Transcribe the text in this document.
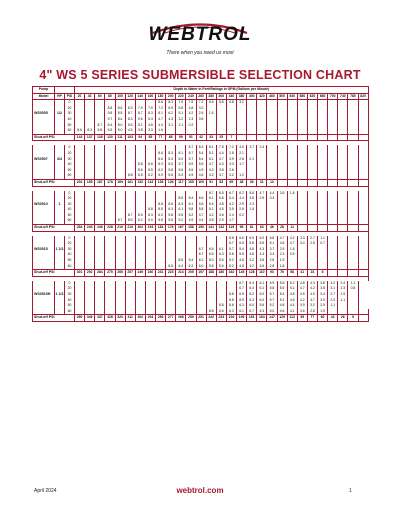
WEBTROL
There when you need us most
4" WS 5 SERIES SUBMERSIBLE SELECTION CHART
Pump			Depth to Water in Feet/Ratings in GPM (Gallons per Minute)																												
Model	HP	PSI	20	40	60	80	100	120	140	160	180	200	220	240	260	280	300	340	380	400	420	460	500	540	580	620	660	700	740	780	820
		0									8.6	8.3	7.9	7.5	7.2	6.5	5.8	4.8	3.2												
		20				8.8	8.6	8.3	7.9	7.5	7.2	6.5	5.8	4.8	3.2																
WS0505	1/2	30				9.8	8.5	8.7	8.7	8.3	8.1	6.2	5.1	4.2	2.5	1.5															
		40				9.7	8.4	8.3	5.5	5.3	4.7	4.3	3.2	2.3	0.8																
		50			8.7	8.4	8.0	5.5	5.1	4.8	4.0	3.1	2.1	0.2																	
		60	8.6	8.3	5.8	5.5	5.0	4.5	3.8	3.3	1.6																				
Shut-off PSI			143	137	128	120	111	103	94	85	77	68	59	51	42	33	25	7													

		0												8.7	8.3	8.1	7.8	7.2	4.5	3.7	2.4										
		20									8.6	8.3	8.1	5.7	5.4	5.1	4.4	2.8	2.1												
WS0507	3/4	30									8.6	8.3	6.0	5.7	5.4	5.1	4.7	3.9	2.8	0.1											
		40							8.8	8.6	8.3	6.0	5.7	5.5	5.5	4.7	4.3	3.3	1.7												
		50							8.6	8.5	6.2	5.8	5.6	5.5	4.9	4.2	3.8	2.6													
		60						8.8	6.5	6.2	5.9	5.6	5.3	4.9	4.6	4.2	3.7	3.2	1.2												
Shut-off PSI			204	195	187	178	169	161	152	143	135	126	117	109	100	91	83	65	48	39	31	13									

		0														8.7	8.5	6.7	6.2	5.8	4.7	4.4	3.5	1.8							
		20											8.8	8.4	6.6	6.1	5.8	5.4	4.4	3.5	2.9	0.3									
WS0510	1	30									8.8	8.6	8.3	6.1	5.8	5.4	4.8	4.2	2.9	2.3											
		40								8.8	8.5	6.3	6.1	5.8	5.8	5.1	4.5	3.9	2.8	1.5											
		50						8.7	8.5	8.3	6.0	5.8	5.5	5.2	4.7	4.2	3.6	2.4	0.2												
		60					8.7	8.5	6.2	6.0	5.8	5.5	5.2	4.9	4.4	3.8	2.9	1.7													
Shut-off PSI			254	245	236	228	219	210	202	193	184	176	167	158	150	141	132	115	98	81	63	46	28	11							

		0																8.8	6.6	6.5	6.0	5.8	4.7	4.2	3.3	2.7	1.1				
		20																6.7	6.5	5.8	5.5	5.1	4.6	4.7	3.4	2.5	0.7				
WS0515	1 1/2	30													6.7	6.5	6.1	5.7	5.4	4.8	4.3	3.7	2.9	1.6							
		40													6.7	6.5	6.3	5.8	5.5	4.6	4.3	3.3	2.3	0.5							
		50											8.8	6.4	6.2	6.0	5.6	5.2	4.8	4.2	3.8	2.8	1.9								
		60										8.8	6.4	6.2	6.0	5.8	5.6	5.2	4.8	4.2	3.6	2.8	1.8								
Shut-off PSI			301	292	284	275	266	257	249	240	231	223	214	205	197	188	180	162	145	128	110	93	76	58	41	24	6				

		0																	6.7	6.4	6.1	5.9	5.6	5.2	4.8	4.3	3.8	3.2	2.4	1.1	
		20																	6.7	6.4	6.1	5.8	5.5	5.1	4.7	4.2	3.8	3.1	2.3	0.8	
WS0515H	1 1/2	30																8.8	6.5	6.2	6.0	5.7	5.4	4.8	4.5	4.0	3.4	2.7	1.5		
		40																8.8	8.5	6.3	6.0	5.7	5.1	4.6	4.2	3.7	3.0	2.3	1.1		
		50															8.8	6.6	6.3	6.0	5.6	5.2	4.8	4.4	3.9	3.2	2.5	1.1			
		60														8.8	6.6	6.3	6.1	5.7	5.3	5.0	4.6	4.1	3.6	2.8	1.9				
Shut-off PSI			350	346	337	328	320	311	302	294	285	277	268	259	251	242	233	216	199	181	164	147	129	112	95	77	60	43	26	9	
April 2024	webtrol.com	1
